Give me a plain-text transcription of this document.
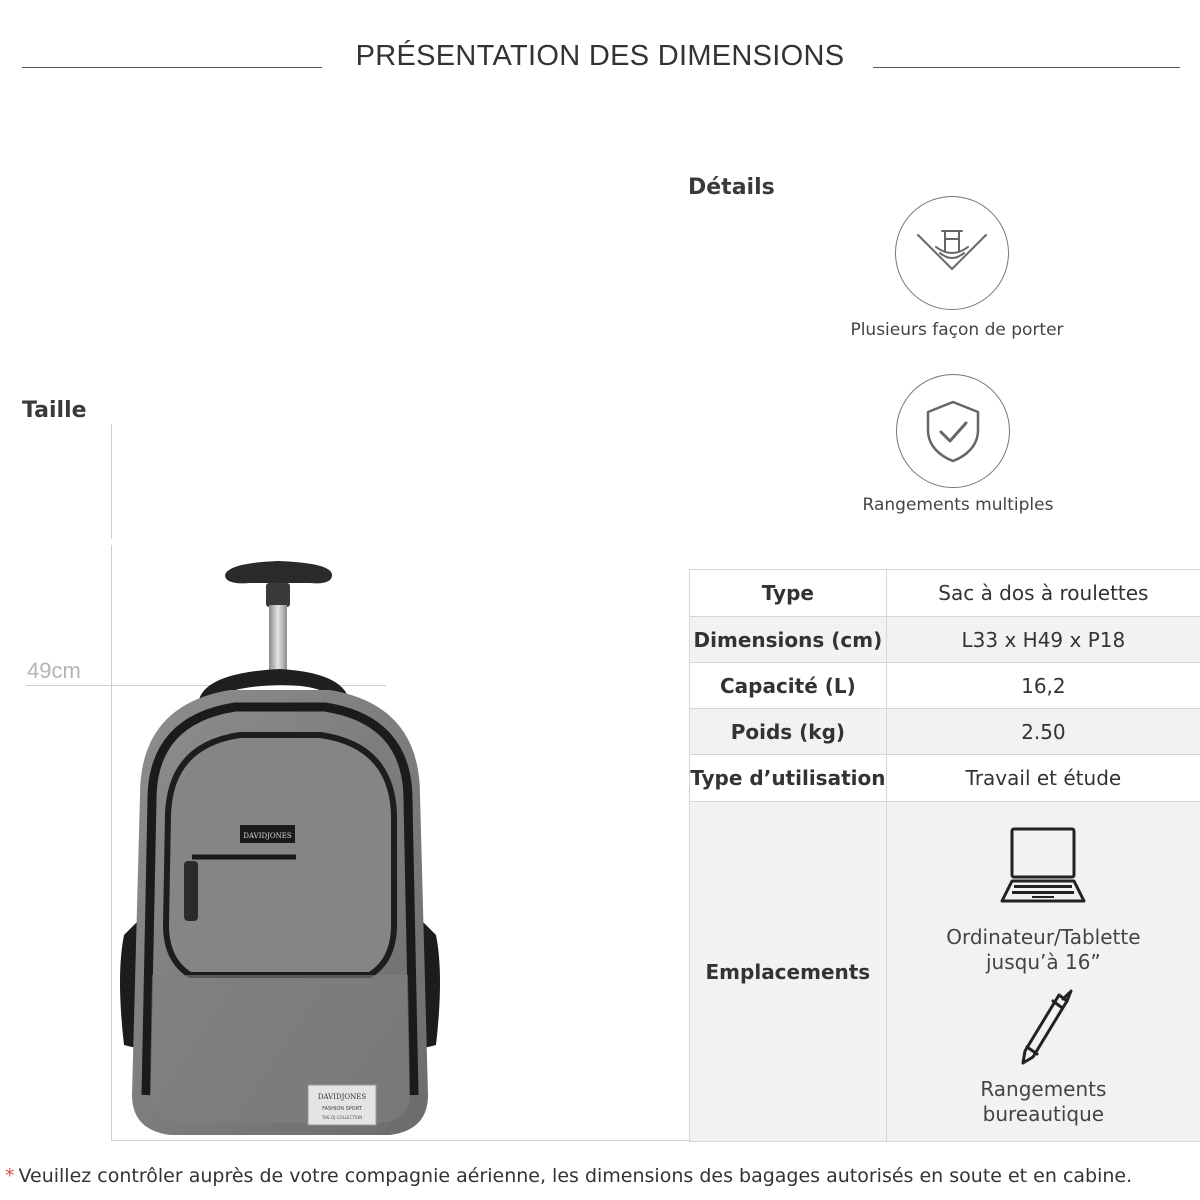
PRÉSENTATION DES DIMENSIONS
Détails
Plusieurs façon de porter
Rangements multiples
Taille
49cm
DAVIDJONES
DAVIDJONES
FASHION SPORT
THE DJ COLLECTION
Type	Sac à dos à roulettes
Dimensions (cm)	L33 x H49 x P18
Capacité (L)	16,2
Poids (kg)	2.50
Type d’utilisation	Travail et étude
Emplacements	Ordinateur/Tablette jusqu’à 16”
Rangements bureautique
* Veuillez contrôler auprès de votre compagnie aérienne, les dimensions des bagages autorisés en soute et en cabine.
